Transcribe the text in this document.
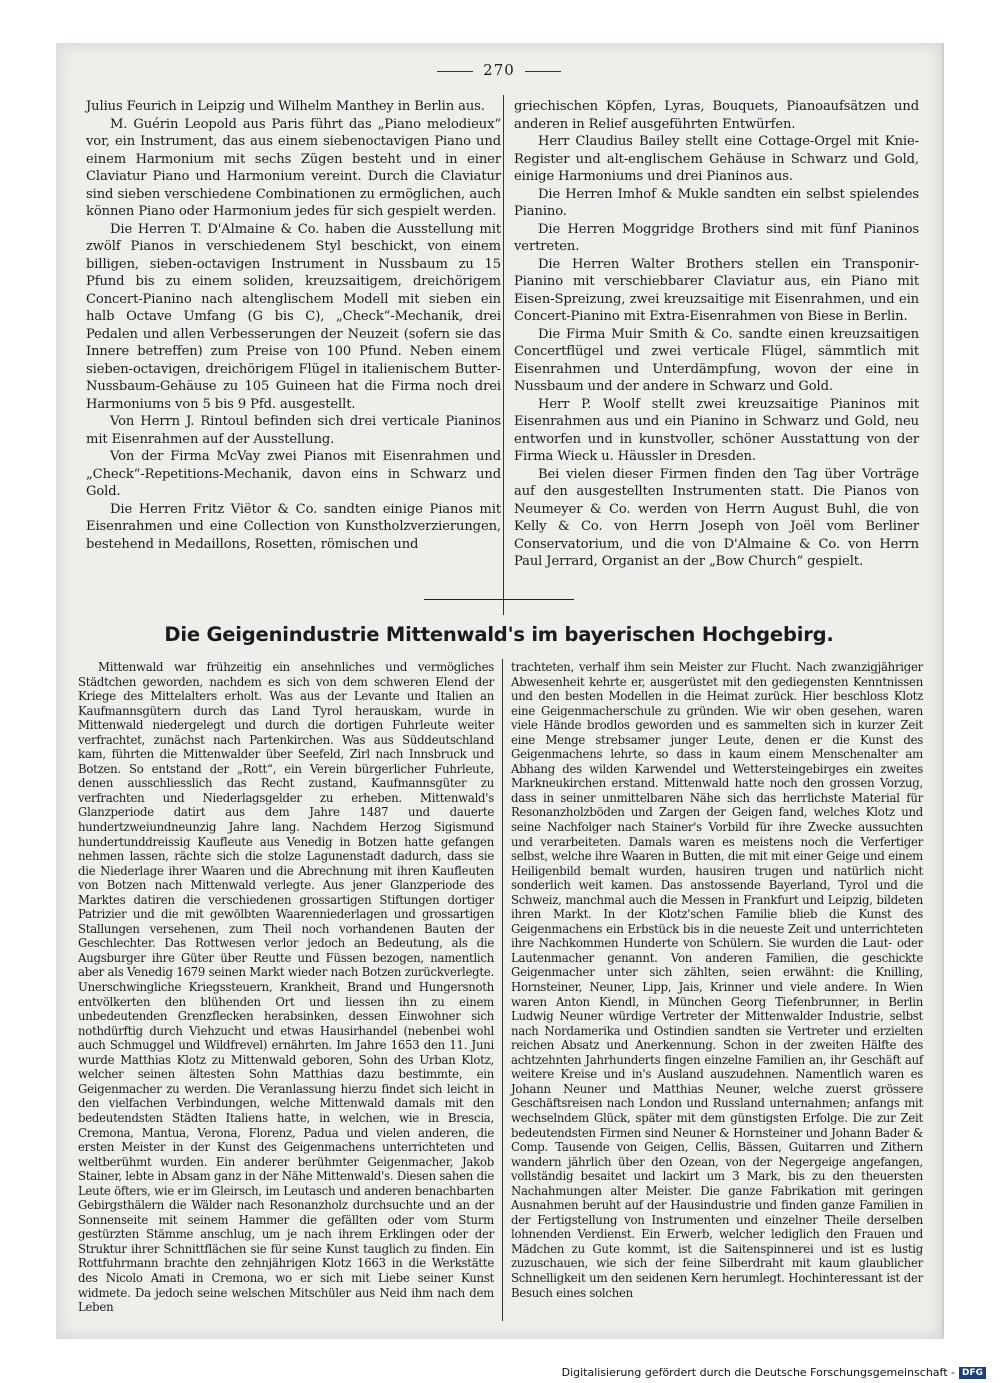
270

Julius Feurich in Leipzig und Wilhelm Manthey in Berlin aus.

M. Guérin Leopold aus Paris führt das „Piano melodieux“ vor, ein Instrument, das aus einem siebenoctavigen Piano und einem Harmonium mit sechs Zügen besteht und in einer Claviatur Piano und Harmonium vereint. Durch die Claviatur sind sieben verschiedene Combinationen zu ermöglichen, auch können Piano oder Harmonium jedes für sich gespielt werden.

Die Herren T. D'Almaine & Co. haben die Ausstellung mit zwölf Pianos in verschiedenem Styl beschickt, von einem billigen, sieben-octavigen Instrument in Nussbaum zu 15 Pfund bis zu einem soliden, kreuzsaitigem, dreichörigem Concert-Pianino nach altenglischem Modell mit sieben ein halb Octave Umfang (G bis C), „Check“-Mechanik, drei Pedalen und allen Verbesserungen der Neuzeit (sofern sie das Innere betreffen) zum Preise von 100 Pfund. Neben einem sieben-octavigen, dreichörigem Flügel in italienischem Butter-Nussbaum-Gehäuse zu 105 Guineen hat die Firma noch drei Harmoniums von 5 bis 9 Pfd. ausgestellt.

Von Herrn J. Rintoul befinden sich drei verticale Pianinos mit Eisenrahmen auf der Ausstellung.

Von der Firma McVay zwei Pianos mit Eisenrahmen und „Check“-Repetitions-Mechanik, davon eins in Schwarz und Gold.

Die Herren Fritz Viëtor & Co. sandten einige Pianos mit Eisenrahmen und eine Collection von Kunstholzverzierungen, bestehend in Medaillons, Rosetten, römischen und

griechischen Köpfen, Lyras, Bouquets, Pianoaufsätzen und anderen in Relief ausgeführten Entwürfen.

Herr Claudius Bailey stellt eine Cottage-Orgel mit Knie-Register und alt-englischem Gehäuse in Schwarz und Gold, einige Harmoniums und drei Pianinos aus.

Die Herren Imhof & Mukle sandten ein selbst spielendes Pianino.

Die Herren Moggridge Brothers sind mit fünf Pianinos vertreten.

Die Herren Walter Brothers stellen ein Transponir-Pianino mit verschiebbarer Claviatur aus, ein Piano mit Eisen-Spreizung, zwei kreuzsaitige mit Eisenrahmen, und ein Concert-Pianino mit Extra-Eisenrahmen von Biese in Berlin.

Die Firma Muir Smith & Co. sandte einen kreuzsaitigen Concertflügel und zwei verticale Flügel, sämmtlich mit Eisenrahmen und Unterdämpfung, wovon der eine in Nussbaum und der andere in Schwarz und Gold.

Herr P. Woolf stellt zwei kreuzsaitige Pianinos mit Eisenrahmen aus und ein Pianino in Schwarz und Gold, neu entworfen und in kunstvoller, schöner Ausstattung von der Firma Wieck u. Häussler in Dresden.

Bei vielen dieser Firmen finden den Tag über Vorträge auf den ausgestellten Instrumenten statt. Die Pianos von Neumeyer & Co. werden von Herrn August Buhl, die von Kelly & Co. von Herrn Joseph von Joël vom Berliner Conservatorium, und die von D'Almaine & Co. von Herrn Paul Jerrard, Organist an der „Bow Church“ gespielt.

Die Geigenindustrie Mittenwald's im bayerischen Hochgebirg.

Mittenwald war frühzeitig ein ansehnliches und vermögliches Städtchen geworden, nachdem es sich von dem schweren Elend der Kriege des Mittelalters erholt. Was aus der Levante und Italien an Kaufmannsgütern durch das Land Tyrol herauskam, wurde in Mittenwald niedergelegt und durch die dortigen Fuhrleute weiter verfrachtet, zunächst nach Partenkirchen. Was aus Süddeutschland kam, führten die Mittenwalder über Seefeld, Zirl nach Innsbruck und Botzen. So entstand der „Rott“, ein Verein bürgerlicher Fuhrleute, denen ausschliesslich das Recht zustand, Kaufmannsgüter zu verfrachten und Niederlagsgelder zu erheben. Mittenwald's Glanzperiode datirt aus dem Jahre 1487 und dauerte hundertzweiundneunzig Jahre lang. Nachdem Herzog Sigismund hundertunddreissig Kaufleute aus Venedig in Botzen hatte gefangen nehmen lassen, rächte sich die stolze Lagunenstadt dadurch, dass sie die Niederlage ihrer Waaren und die Abrechnung mit ihren Kaufleuten von Botzen nach Mittenwald verlegte. Aus jener Glanzperiode des Marktes datiren die verschiedenen grossartigen Stiftungen dortiger Patrizier und die mit gewölbten Waarenniederlagen und grossartigen Stallungen versehenen, zum Theil noch vorhandenen Bauten der Geschlechter. Das Rottwesen verlor jedoch an Bedeutung, als die Augsburger ihre Güter über Reutte und Füssen bezogen, namentlich aber als Venedig 1679 seinen Markt wieder nach Botzen zurückverlegte. Unerschwingliche Kriegssteuern, Krankheit, Brand und Hungersnoth entvölkerten den blühenden Ort und liessen ihn zu einem unbedeutenden Grenzflecken herabsinken, dessen Einwohner sich nothdürftig durch Viehzucht und etwas Hausirhandel (nebenbei wohl auch Schmuggel und Wildfrevel) ernährten. Im Jahre 1653 den 11. Juni wurde Matthias Klotz zu Mittenwald geboren, Sohn des Urban Klotz, welcher seinen ältesten Sohn Matthias dazu bestimmte, ein Geigenmacher zu werden. Die Veranlassung hierzu findet sich leicht in den vielfachen Verbindungen, welche Mittenwald damals mit den bedeutendsten Städten Italiens hatte, in welchen, wie in Brescia, Cremona, Mantua, Verona, Florenz, Padua und vielen anderen, die ersten Meister in der Kunst des Geigenmachens unterrichteten und weltberühmt wurden. Ein anderer berühmter Geigenmacher, Jakob Stainer, lebte in Absam ganz in der Nähe Mittenwald's. Diesen sahen die Leute öfters, wie er im Gleirsch, im Leutasch und anderen benachbarten Gebirgsthälern die Wälder nach Resonanzholz durchsuchte und an der Sonnenseite mit seinem Hammer die gefällten oder vom Sturm gestürzten Stämme anschlug, um je nach ihrem Erklingen oder der Struktur ihrer Schnittflächen sie für seine Kunst tauglich zu finden. Ein Rottfuhrmann brachte den zehnjährigen Klotz 1663 in die Werkstätte des Nicolo Amati in Cremona, wo er sich mit Liebe seiner Kunst widmete. Da jedoch seine welschen Mitschüler aus Neid ihm nach dem Leben

trachteten, verhalf ihm sein Meister zur Flucht. Nach zwanzigjähriger Abwesenheit kehrte er, ausgerüstet mit den gediegensten Kenntnissen und den besten Modellen in die Heimat zurück. Hier beschloss Klotz eine Geigenmacherschule zu gründen. Wie wir oben gesehen, waren viele Hände brodlos geworden und es sammelten sich in kurzer Zeit eine Menge strebsamer junger Leute, denen er die Kunst des Geigenmachens lehrte, so dass in kaum einem Menschenalter am Abhang des wilden Karwendel und Wettersteingebirges ein zweites Markneukirchen erstand. Mittenwald hatte noch den grossen Vorzug, dass in seiner unmittelbaren Nähe sich das herrlichste Material für Resonanzholzböden und Zargen der Geigen fand, welches Klotz und seine Nachfolger nach Stainer's Vorbild für ihre Zwecke aussuchten und verarbeiteten. Damals waren es meistens noch die Verfertiger selbst, welche ihre Waaren in Butten, die mit mit einer Geige und einem Heiligenbild bemalt wurden, hausiren trugen und natürlich nicht sonderlich weit kamen. Das anstossende Bayerland, Tyrol und die Schweiz, manchmal auch die Messen in Frankfurt und Leipzig, bildeten ihren Markt. In der Klotz'schen Familie blieb die Kunst des Geigenmachens ein Erbstück bis in die neueste Zeit und unterrichteten ihre Nachkommen Hunderte von Schülern. Sie wurden die Laut- oder Lautenmacher genannt. Von anderen Familien, die geschickte Geigenmacher unter sich zählten, seien erwähnt: die Knilling, Hornsteiner, Neuner, Lipp, Jais, Krinner und viele andere. In Wien waren Anton Kiendl, in München Georg Tiefenbrunner, in Berlin Ludwig Neuner würdige Vertreter der Mittenwalder Industrie, selbst nach Nordamerika und Ostindien sandten sie Vertreter und erzielten reichen Absatz und Anerkennung. Schon in der zweiten Hälfte des achtzehnten Jahrhunderts fingen einzelne Familien an, ihr Geschäft auf weitere Kreise und in's Ausland auszudehnen. Namentlich waren es Johann Neuner und Matthias Neuner, welche zuerst grössere Geschäftsreisen nach London und Russland unternahmen; anfangs mit wechselndem Glück, später mit dem günstigsten Erfolge. Die zur Zeit bedeutendsten Firmen sind Neuner & Hornsteiner und Johann Bader & Comp. Tausende von Geigen, Cellis, Bässen, Guitarren und Zithern wandern jährlich über den Ozean, von der Negergeige angefangen, vollständig besaitet und lackirt um 3 Mark, bis zu den theuersten Nachahmungen alter Meister. Die ganze Fabrikation mit geringen Ausnahmen beruht auf der Hausindustrie und finden ganze Familien in der Fertigstellung von Instrumenten und einzelner Theile derselben lohnenden Verdienst. Ein Erwerb, welcher lediglich den Frauen und Mädchen zu Gute kommt, ist die Saitenspinnerei und ist es lustig zuzuschauen, wie sich der feine Silberdraht mit kaum glaublicher Schnelligkeit um den seidenen Kern herumlegt. Hochinteressant ist der Besuch eines solchen

Digitalisierung gefördert durch die Deutsche Forschungsgemeinschaft - DFG
